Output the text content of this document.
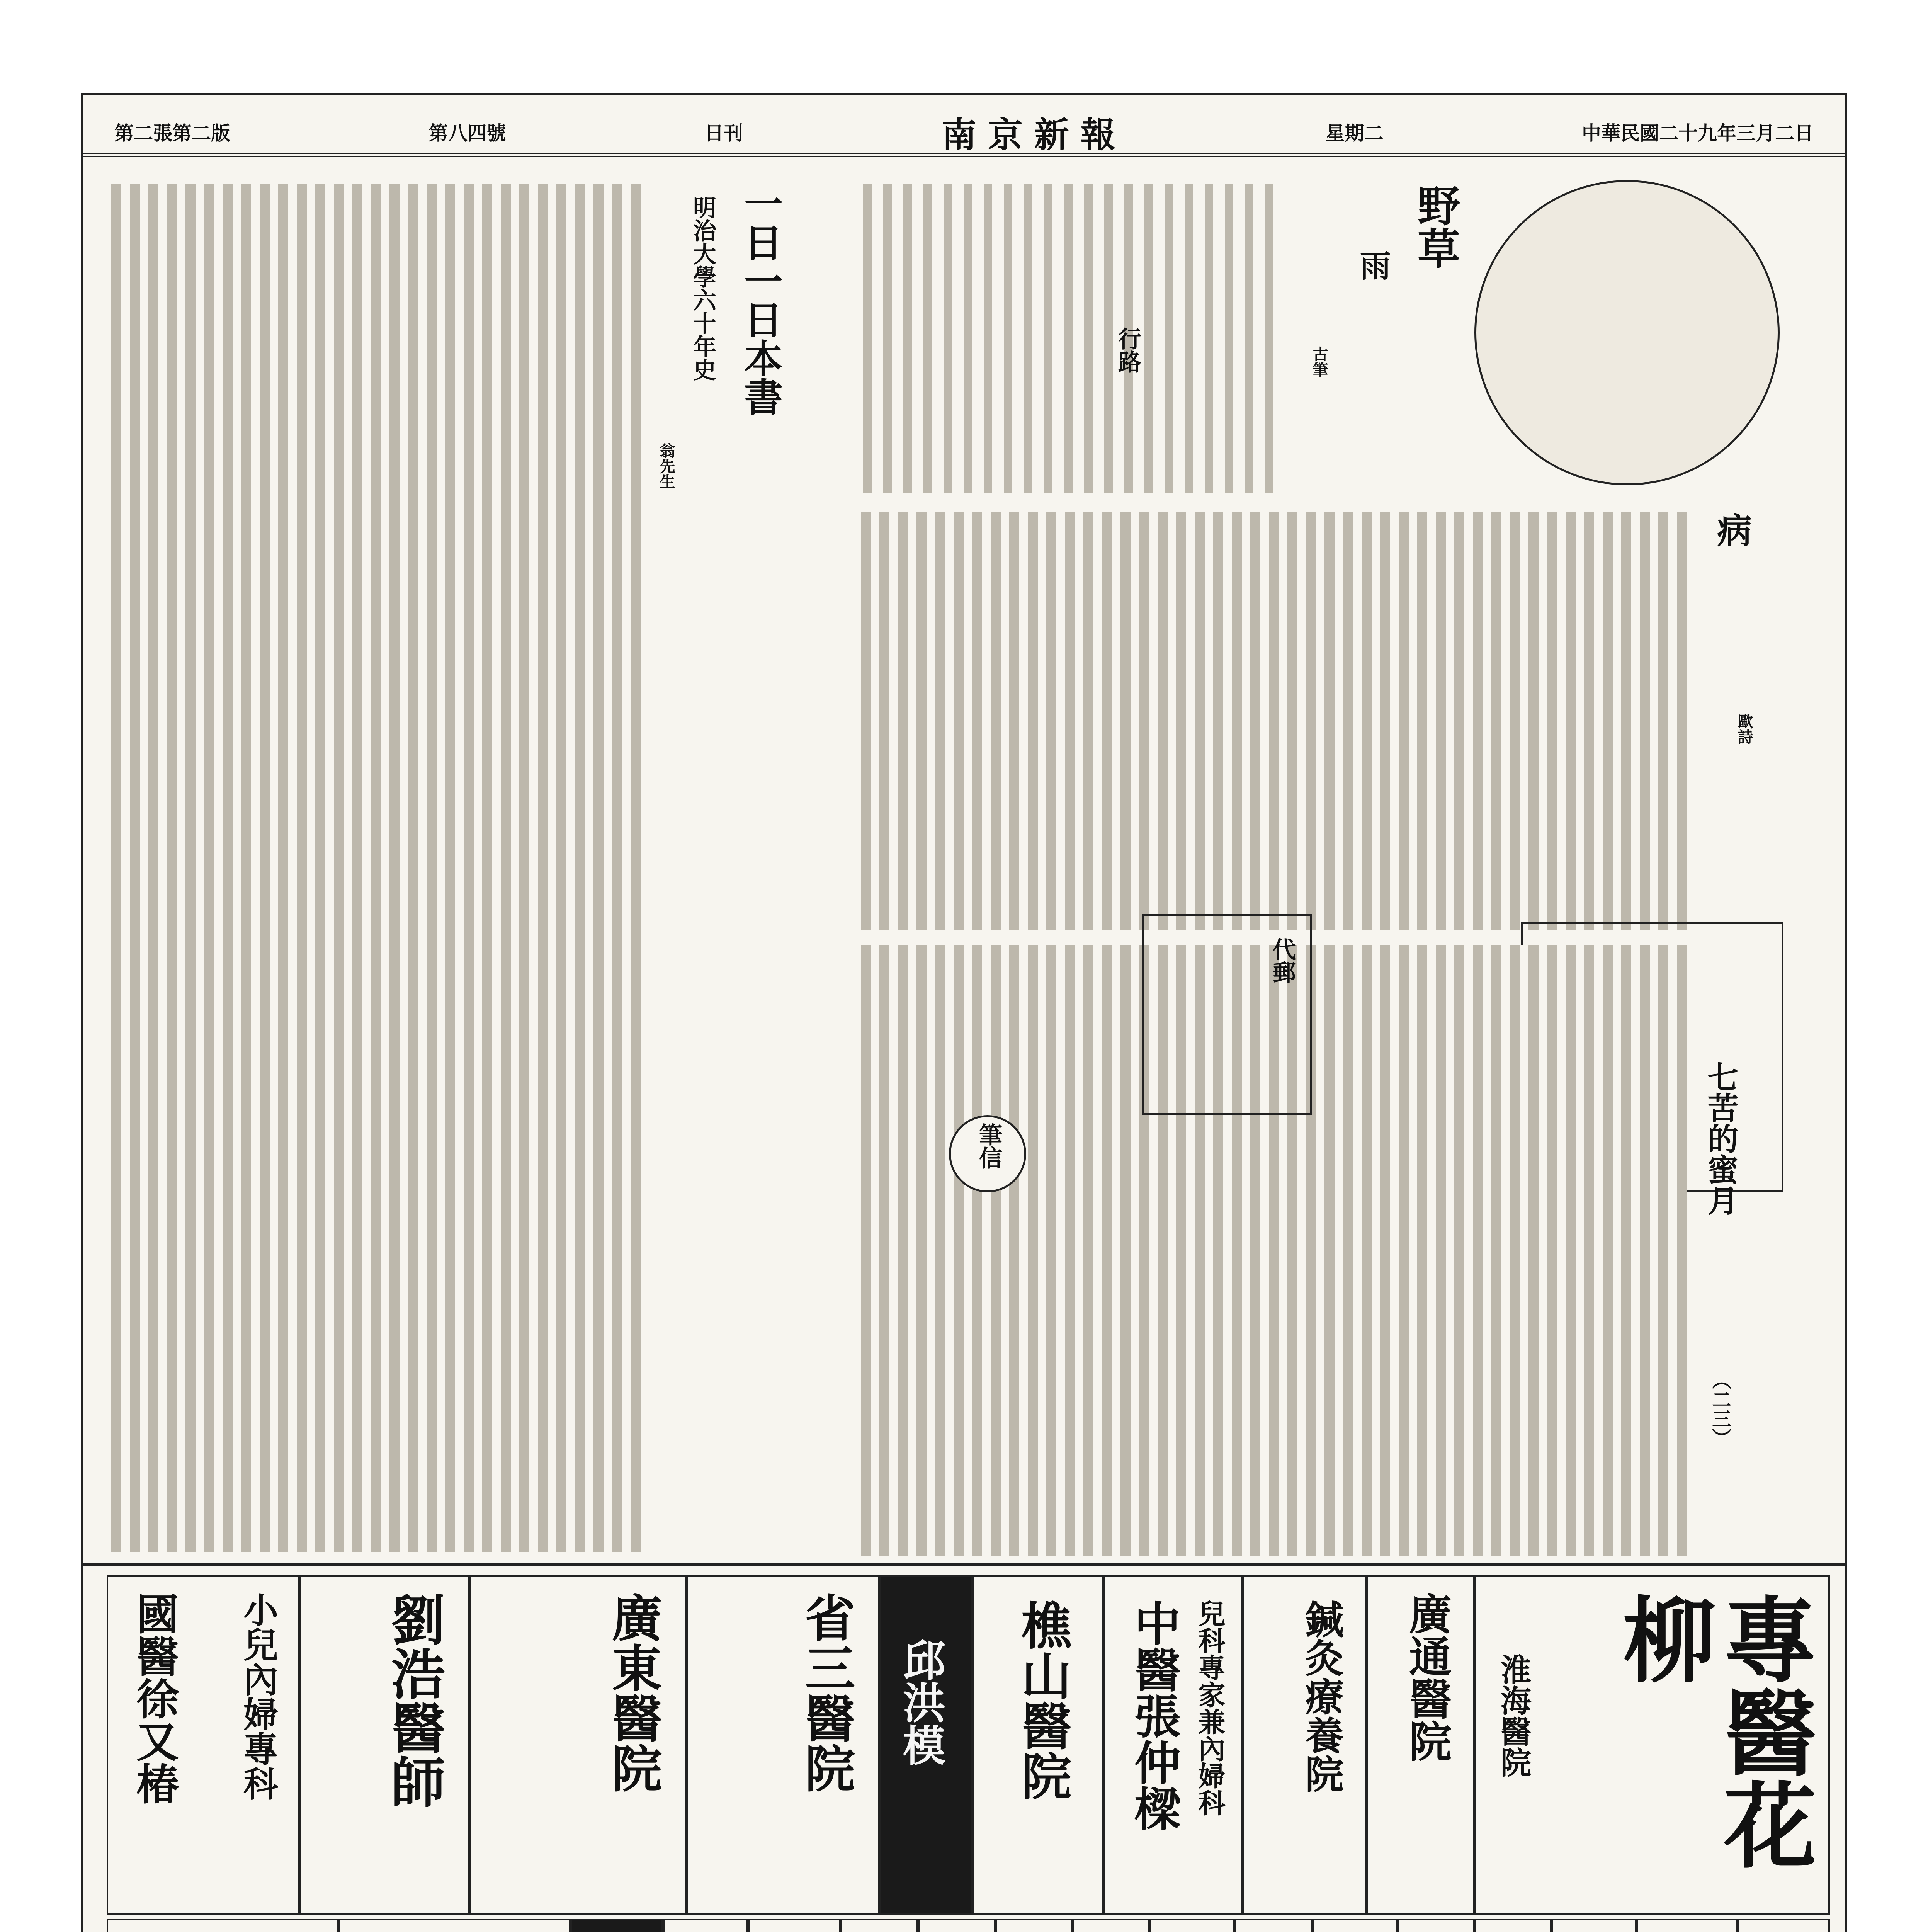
第二張第二版	第八四號	日刊	南京新報	星期二	中華民國二十九年三月二日
野草
雨
古筆
病
歐詩
行路
七苦的蜜月
（二三）
代郵
筆信
一日一日本書
明治大學六十年史
翁先生
專醫花柳
淮海醫院
廣通醫院
鍼灸療養院
中醫張仲樑 兒科專家兼內婦科
樵山醫院
邱洪模
省三醫院
廣東醫院
劉浩醫師
國醫徐又椿 小兒內婦專科
